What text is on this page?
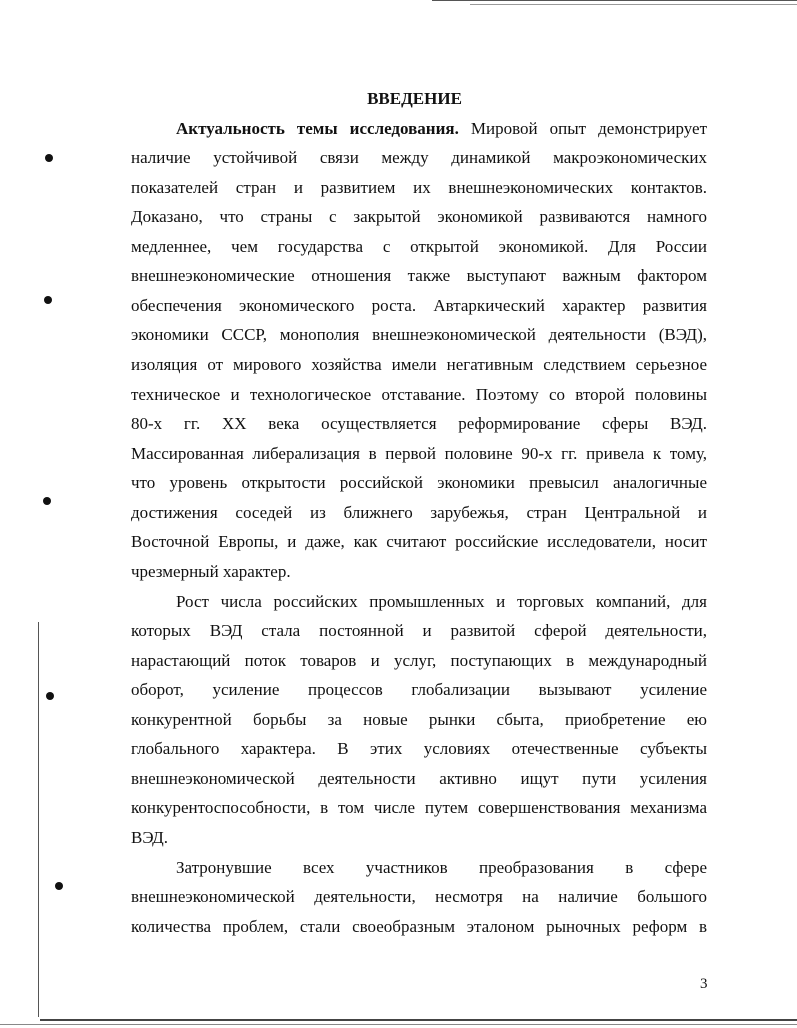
ВВЕДЕНИЕ
Актуальность темы исследования. Мировой опыт демонстрирует
наличие устойчивой связи между динамикой макроэкономических
показателей стран и развитием их внешнеэкономических контактов.
Доказано, что страны с закрытой экономикой развиваются намного
медленнее, чем государства с открытой экономикой. Для России
внешнеэкономические отношения также выступают важным фактором
обеспечения экономического роста. Автаркический характер развития
экономики СССР, монополия внешнеэкономической деятельности (ВЭД),
изоляция от мирового хозяйства имели негативным следствием серьезное
техническое и технологическое отставание. Поэтому со второй половины
80-х гг. XX века осуществляется реформирование сферы ВЭД.
Массированная либерализация в первой половине 90-х гг. привела к тому,
что уровень открытости российской экономики превысил аналогичные
достижения соседей из ближнего зарубежья, стран Центральной и
Восточной Европы, и даже, как считают российские исследователи, носит
чрезмерный характер.
Рост числа российских промышленных и торговых компаний, для
которых ВЭД стала постоянной и развитой сферой деятельности,
нарастающий поток товаров и услуг, поступающих в международный
оборот, усиление процессов глобализации вызывают усиление
конкурентной борьбы за новые рынки сбыта, приобретение ею
глобального характера. В этих условиях отечественные субъекты
внешнеэкономической деятельности активно ищут пути усиления
конкурентоспособности, в том числе путем совершенствования механизма
ВЭД.
Затронувшие всех участников преобразования в сфере
внешнеэкономической деятельности, несмотря на наличие большого
количества проблем, стали своеобразным эталоном рыночных реформ в
3
